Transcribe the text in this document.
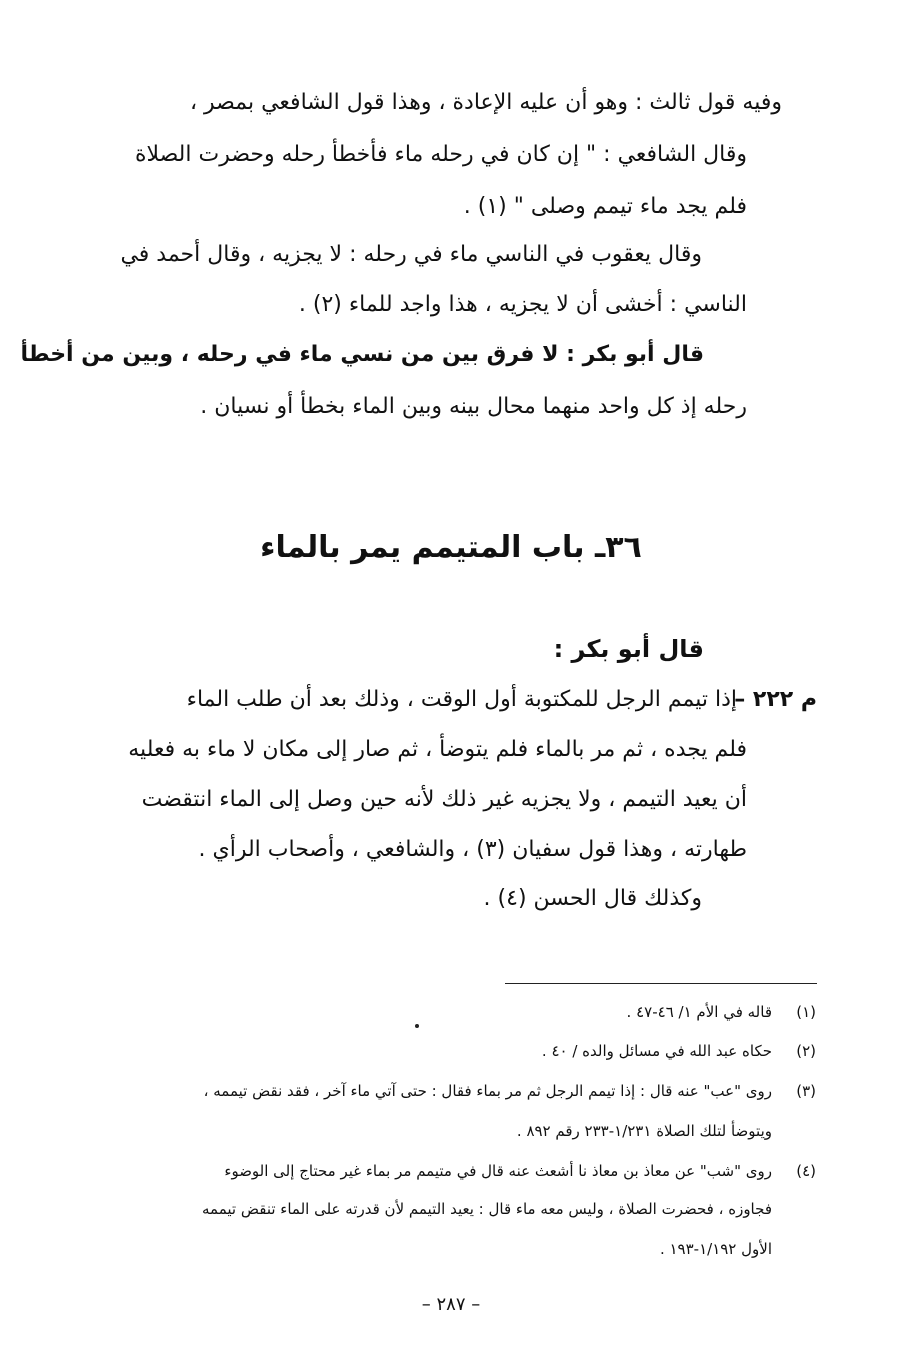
وفيه قول ثالث : وهو أن عليه الإعادة ، وهذا قول الشافعي بمصر ،
وقال الشافعي : " إن كان في رحله ماء فأخطأ رحله وحضرت الصلاة
فلم يجد ماء تيمم وصلى " (١) .
وقال يعقوب في الناسي ماء في رحله : لا يجزيه ، وقال أحمد في
الناسي : أخشى أن لا يجزيه ، هذا واجد للماء (٢) .
قال أبو بكر : لا فرق بين من نسي ماء في رحله ، وبين من أخطأ
رحله إذ كل واحد منهما محال بينه وبين الماء بخطأ أو نسيان .
٣٦ـ باب المتيمم يمر بالماء
قال أبو بكر :
م ٢٢٢ –
إذا تيمم الرجل للمكتوبة أول الوقت ، وذلك بعد أن طلب الماء
فلم يجده ، ثم مر بالماء فلم يتوضأ ، ثم صار إلى مكان لا ماء به فعليه
أن يعيد التيمم ، ولا يجزيه غير ذلك لأنه حين وصل إلى الماء انتقضت
طهارته ، وهذا قول سفيان (٣) ، والشافعي ، وأصحاب الرأي .
وكذلك قال الحسن (٤) .
(١)
قاله في الأم ١/ ٤٦-٤٧ .
(٢)
حكاه عبد الله في مسائل والده / ٤٠ .
(٣)
روى "عب" عنه قال : إذا تيمم الرجل ثم مر بماء فقال : حتى آتي ماء آخر ، فقد نقض تيممه ،
ويتوضأ لتلك الصلاة ١/٢٣١-٢٣٣ رقم ٨٩٢ .
(٤)
روى "شب" عن معاذ بن معاذ نا أشعث عنه قال في متيمم مر بماء غير محتاج إلى الوضوء
فجاوزه ، فحضرت الصلاة ، وليس معه ماء قال : يعيد التيمم لأن قدرته على الماء تنقض تيممه
الأول ١/١٩٢-١٩٣ .
– ٢٨٧ –
